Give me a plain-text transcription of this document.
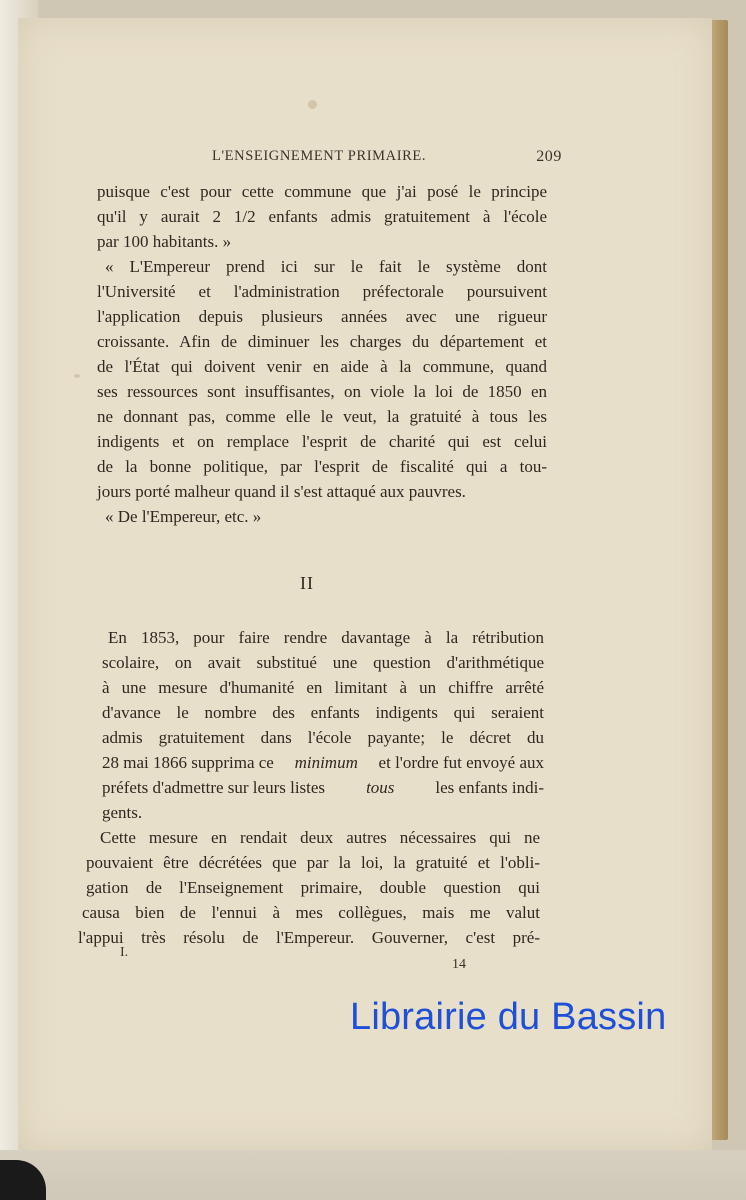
L'ENSEIGNEMENT PRIMAIRE.	209
puisque c'est pour cette commune que j'ai posé le principe
qu'il y aurait 2 1/2 enfants admis gratuitement à l'école
par 100 habitants. »
« L'Empereur prend ici sur le fait le système dont
l'Université et l'administration préfectorale poursuivent
l'application depuis plusieurs années avec une rigueur
croissante. Afin de diminuer les charges du département et
de l'État qui doivent venir en aide à la commune, quand
ses ressources sont insuffisantes, on viole la loi de 1850 en
ne donnant pas, comme elle le veut, la gratuité à tous les
indigents et on remplace l'esprit de charité qui est celui
de la bonne politique, par l'esprit de fiscalité qui a tou-
jours porté malheur quand il s'est attaqué aux pauvres.
« De l'Empereur, etc. »
II
En 1853, pour faire rendre davantage à la rétribution
scolaire, on avait substitué une question d'arithmétique
à une mesure d'humanité en limitant à un chiffre arrêté
d'avance le nombre des enfants indigents qui seraient
admis gratuitement dans l'école payante; le décret du
28 mai 1866 supprima ce minimum et l'ordre fut envoyé aux
préfets d'admettre sur leurs listes tous les enfants indi-
gents.
Cette mesure en rendait deux autres nécessaires qui ne
pouvaient être décrétées que par la loi, la gratuité et l'obli-
gation de l'Enseignement primaire, double question qui
causa bien de l'ennui à mes collègues, mais me valut
l'appui très résolu de l'Empereur. Gouverner, c'est pré-
I.
14
Librairie du Bassin
